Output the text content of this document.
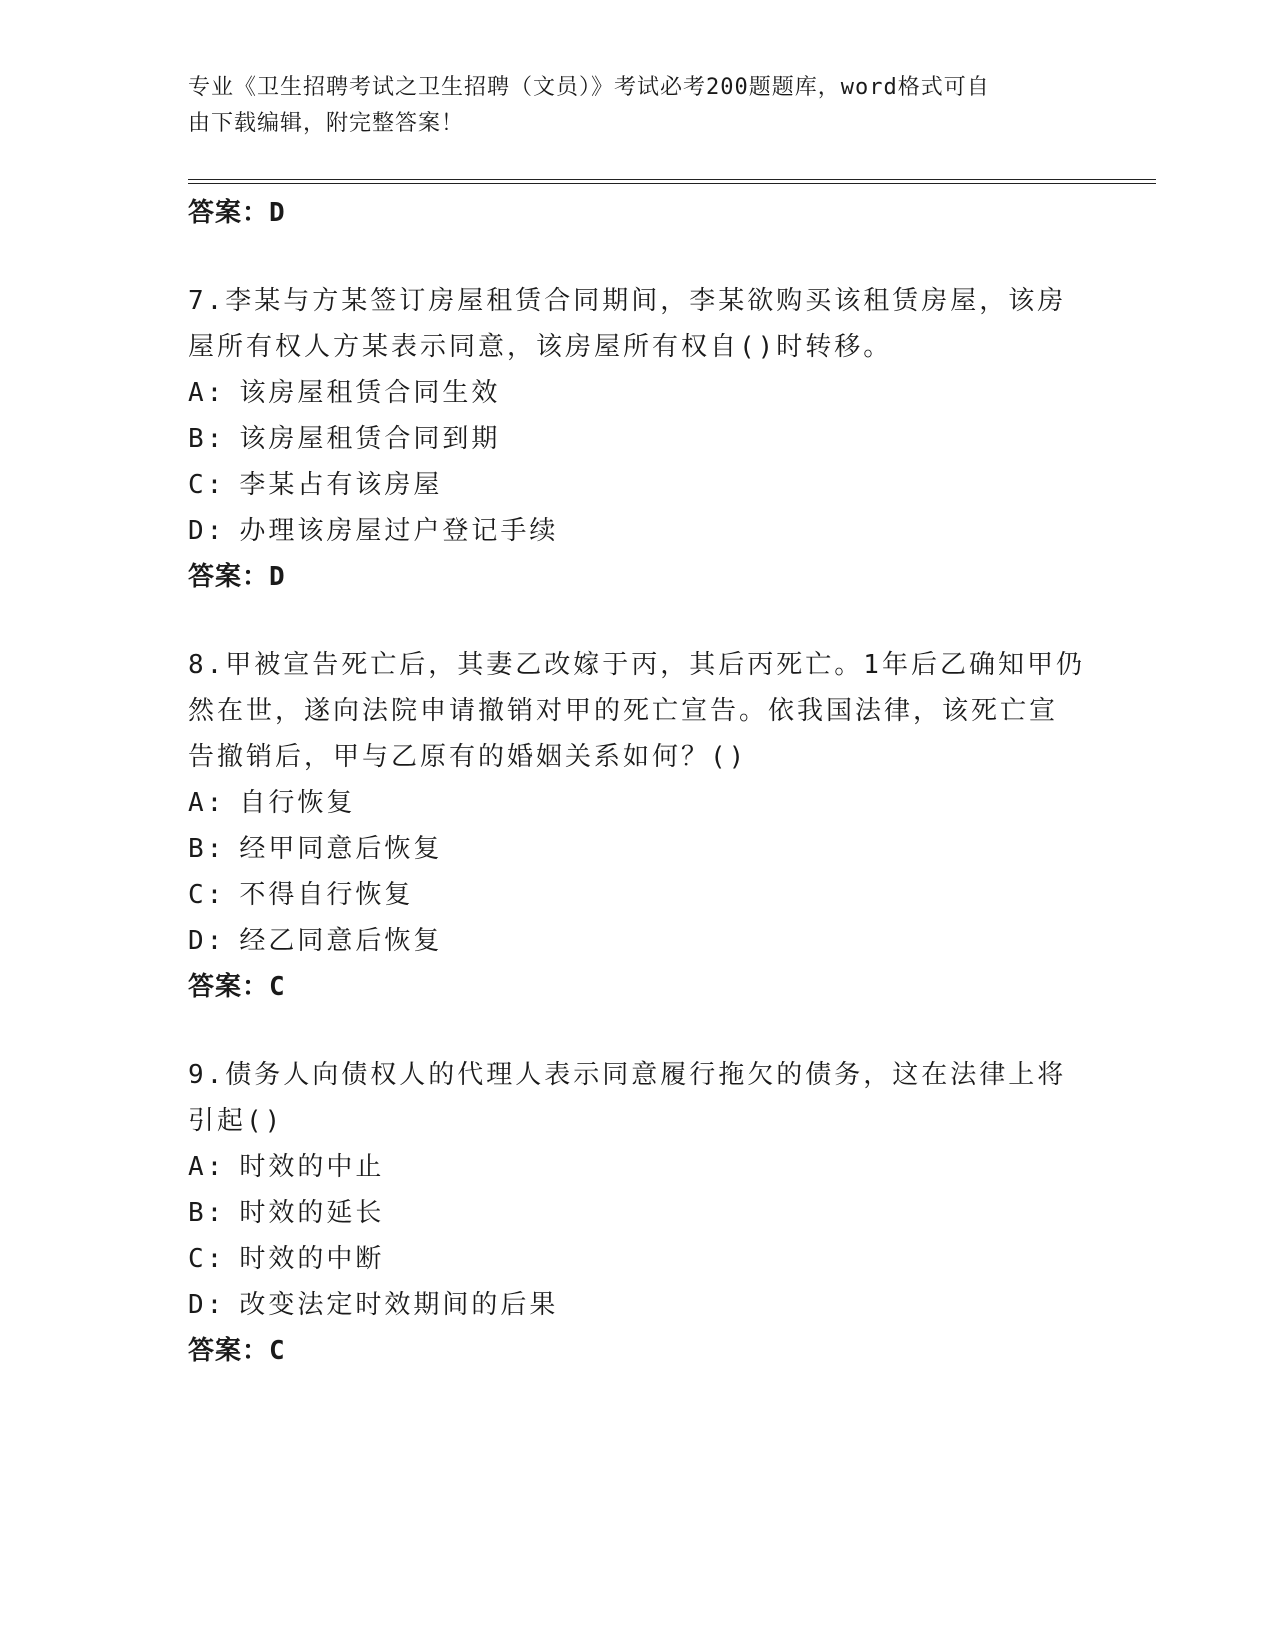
专业《卫生招聘考试之卫生招聘（文员）》考试必考200题题库，word格式可自
由下载编辑，附完整答案！
答案：D
7.李某与方某签订房屋租赁合同期间，李某欲购买该租赁房屋，该房
屋所有权人方某表示同意，该房屋所有权自()时转移。
A: 该房屋租赁合同生效
B: 该房屋租赁合同到期
C: 李某占有该房屋
D: 办理该房屋过户登记手续
答案：D
8.甲被宣告死亡后，其妻乙改嫁于丙，其后丙死亡。1年后乙确知甲仍
然在世，遂向法院申请撤销对甲的死亡宣告。依我国法律，该死亡宣
告撤销后，甲与乙原有的婚姻关系如何？()
A: 自行恢复
B: 经甲同意后恢复
C: 不得自行恢复
D: 经乙同意后恢复
答案：C
9.债务人向债权人的代理人表示同意履行拖欠的债务，这在法律上将
引起()
A: 时效的中止
B: 时效的延长
C: 时效的中断
D: 改变法定时效期间的后果
答案：C
